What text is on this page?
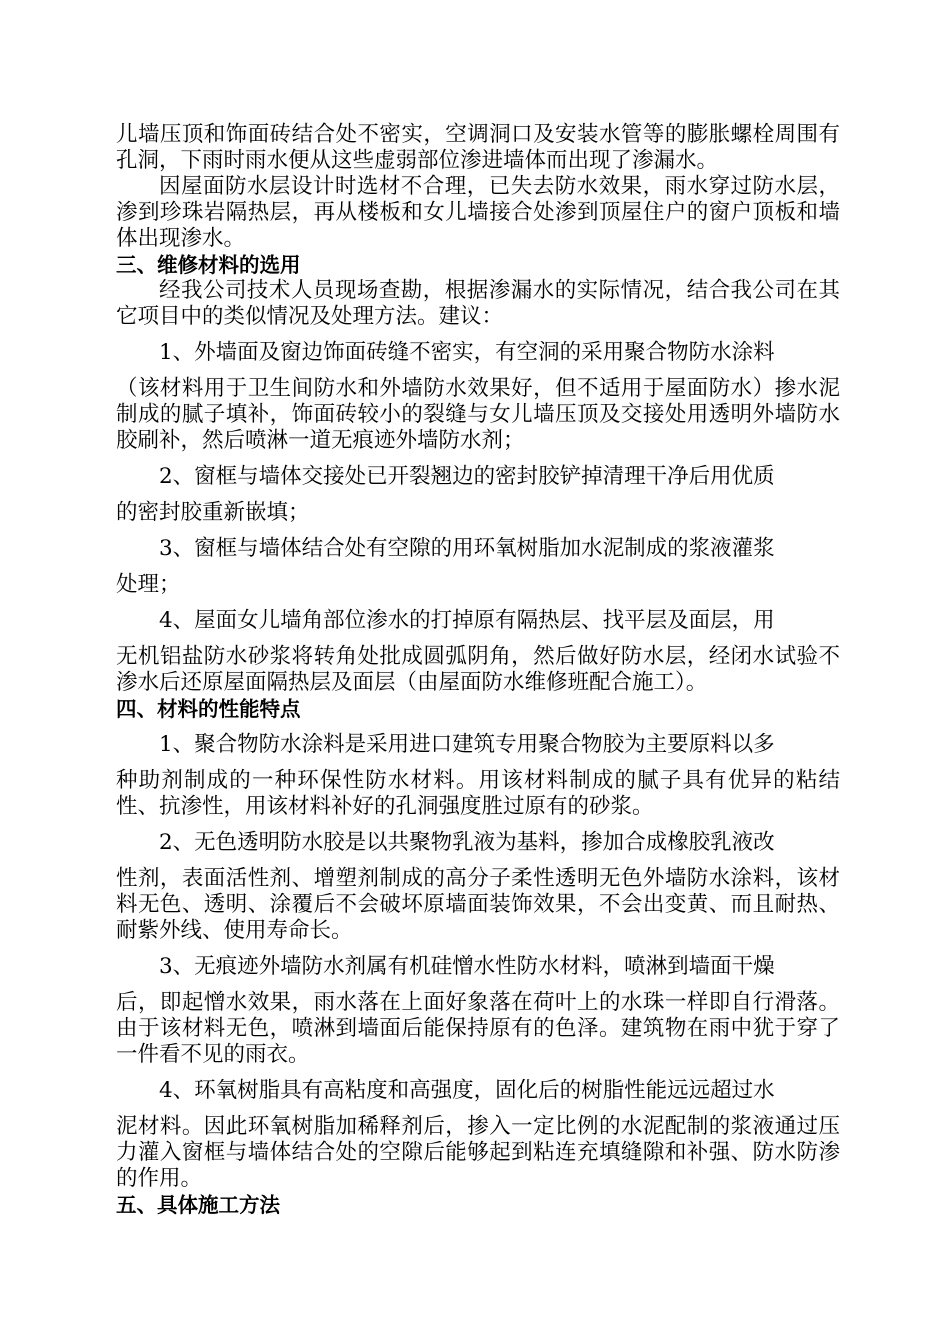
儿墙压顶和饰面砖结合处不密实，空调洞口及安装水管等的膨胀螺栓周围有孔洞，下雨时雨水便从这些虚弱部位渗进墙体而出现了渗漏水。

因屋面防水层设计时选材不合理，已失去防水效果，雨水穿过防水层，渗到珍珠岩隔热层，再从楼板和女儿墙接合处渗到顶屋住户的窗户顶板和墙体出现渗水。

三、维修材料的选用

经我公司技术人员现场查勘，根据渗漏水的实际情况，结合我公司在其它项目中的类似情况及处理方法。建议：

1、外墙面及窗边饰面砖缝不密实，有空洞的采用聚合物防水涂料
（该材料用于卫生间防水和外墙防水效果好，但不适用于屋面防水）掺水泥制成的腻子填补，饰面砖较小的裂缝与女儿墙压顶及交接处用透明外墙防水胶刷补，然后喷淋一道无痕迹外墙防水剂；

2、窗框与墙体交接处已开裂翘边的密封胶铲掉清理干净后用优质
的密封胶重新嵌填；

3、窗框与墙体结合处有空隙的用环氧树脂加水泥制成的浆液灌浆
处理；

4、屋面女儿墙角部位渗水的打掉原有隔热层、找平层及面层，用
无机铝盐防水砂浆将转角处批成圆弧阴角，然后做好防水层，经闭水试验不渗水后还原屋面隔热层及面层（由屋面防水维修班配合施工）。

四、材料的性能特点

1、聚合物防水涂料是采用进口建筑专用聚合物胶为主要原料以多
种助剂制成的一种环保性防水材料。用该材料制成的腻子具有优异的粘结性、抗渗性，用该材料补好的孔洞强度胜过原有的砂浆。

2、无色透明防水胶是以共聚物乳液为基料，掺加合成橡胶乳液改
性剂，表面活性剂、增塑剂制成的高分子柔性透明无色外墙防水涂料，该材料无色、透明、涂覆后不会破坏原墙面装饰效果，不会出变黄、而且耐热、耐紫外线、使用寿命长。

3、无痕迹外墙防水剂属有机硅憎水性防水材料，喷淋到墙面干燥
后，即起憎水效果，雨水落在上面好象落在荷叶上的水珠一样即自行滑落。由于该材料无色，喷淋到墙面后能保持原有的色泽。建筑物在雨中犹于穿了一件看不见的雨衣。

4、环氧树脂具有高粘度和高强度，固化后的树脂性能远远超过水
泥材料。因此环氧树脂加稀释剂后，掺入一定比例的水泥配制的浆液通过压力灌入窗框与墙体结合处的空隙后能够起到粘连充填缝隙和补强、防水防渗的作用。

五、具体施工方法
